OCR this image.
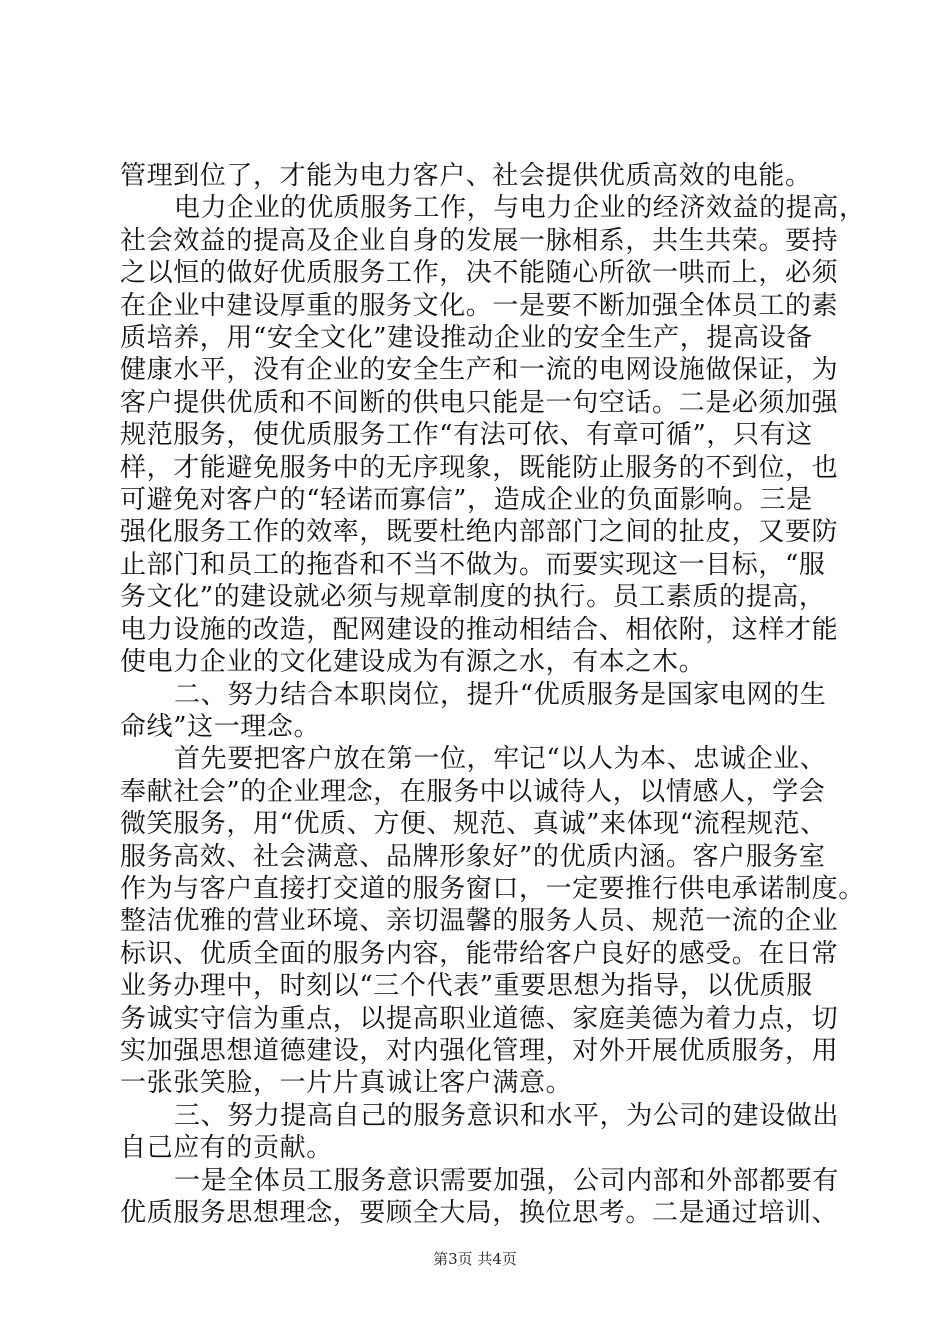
管理到位了，才能为电力客户、社会提供优质高效的电能。
电力企业的优质服务工作，与电力企业的经济效益的提高，
社会效益的提高及企业自身的发展一脉相系，共生共荣。要持
之以恒的做好优质服务工作，决不能随心所欲一哄而上，必须
在企业中建设厚重的服务文化。一是要不断加强全体员工的素
质培养，用“安全文化”建设推动企业的安全生产，提高设备
健康水平，没有企业的安全生产和一流的电网设施做保证，为
客户提供优质和不间断的供电只能是一句空话。二是必须加强
规范服务，使优质服务工作“有法可依、有章可循”，只有这
样，才能避免服务中的无序现象，既能防止服务的不到位，也
可避免对客户的“轻诺而寡信”，造成企业的负面影响。三是
强化服务工作的效率，既要杜绝内部部门之间的扯皮，又要防
止部门和员工的拖沓和不当不做为。而要实现这一目标，“服
务文化”的建设就必须与规章制度的执行。员工素质的提高，
电力设施的改造，配网建设的推动相结合、相依附，这样才能
使电力企业的文化建设成为有源之水，有本之木。
二、努力结合本职岗位，提升“优质服务是国家电网的生
命线”这一理念。
首先要把客户放在第一位，牢记“以人为本、忠诚企业、
奉献社会”的企业理念，在服务中以诚待人，以情感人，学会
微笑服务，用“优质、方便、规范、真诚”来体现“流程规范、
服务高效、社会满意、品牌形象好”的优质内涵。客户服务室
作为与客户直接打交道的服务窗口，一定要推行供电承诺制度。
整洁优雅的营业环境、亲切温馨的服务人员、规范一流的企业
标识、优质全面的服务内容，能带给客户良好的感受。在日常
业务办理中，时刻以“三个代表”重要思想为指导，以优质服
务诚实守信为重点，以提高职业道德、家庭美德为着力点，切
实加强思想道德建设，对内强化管理，对外开展优质服务，用
一张张笑脸，一片片真诚让客户满意。
三、努力提高自己的服务意识和水平，为公司的建设做出
自己应有的贡献。
一是全体员工服务意识需要加强，公司内部和外部都要有
优质服务思想理念，要顾全大局，换位思考。二是通过培训、
第3页 共4页
